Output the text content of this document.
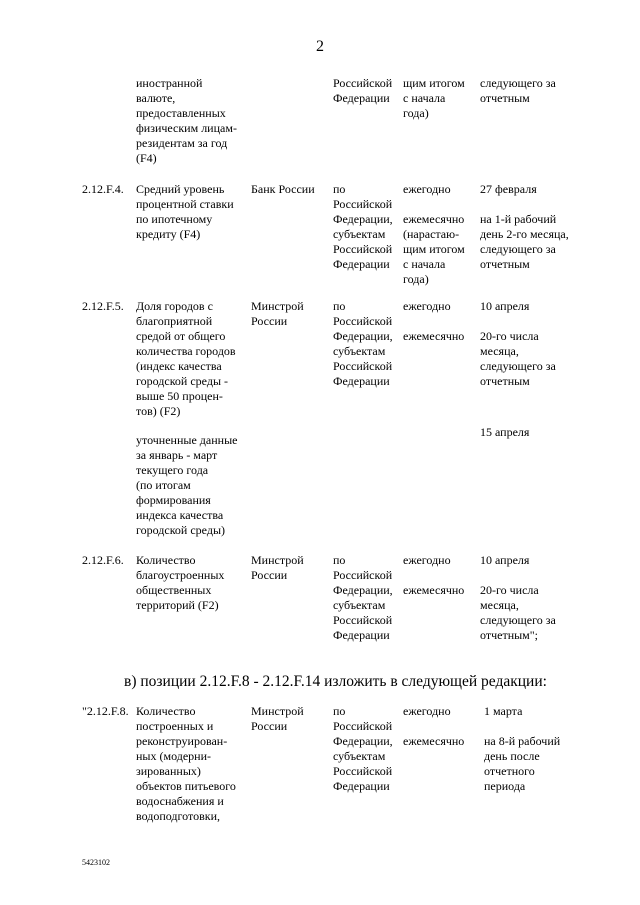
2
иностранной
валюте,
предоставленных
физическим лицам-
резидентам за год
(F4)
Российской
Федерации
щим итогом
с начала
года)
следующего за
отчетным
2.12.F.4. Средний уровень
процентной ставки
по ипотечному
кредиту (F4)
Банк России по
Российской
Федерации,
субъектам
Российской
Федерации
ежегодно

ежемесячно
(нарастаю-
щим итогом
с начала
года)
27 февраля

на 1-й рабочий
день 2-го месяца,
следующего за
отчетным
2.12.F.5. Доля городов с
благоприятной
средой от общего
количества городов
(индекс качества
городской среды -
выше 50 процен-
тов) (F2)
Минстрой
России
по
Российской
Федерации,
субъектам
Российской
Федерации
ежегодно

ежемесячно
10 апреля

20-го числа
месяца,
следующего за
отчетным
уточненные данные
за январь - март
текущего года
(по итогам
формирования
индекса качества
городской среды)
15 апреля
2.12.F.6. Количество
благоустроенных
общественных
территорий (F2)
Минстрой
России
по
Российской
Федерации,
субъектам
Российской
Федерации
ежегодно

ежемесячно
10 апреля

20-го числа
месяца,
следующего за
отчетным";
в) позиции 2.12.F.8 - 2.12.F.14 изложить в следующей редакции:
"2.12.F.8. Количество
построенных и
реконструирован-
ных (модерни-
зированных)
объектов питьевого
водоснабжения и
водоподготовки,
Минстрой
России
по
Российской
Федерации,
субъектам
Российской
Федерации
ежегодно

ежемесячно
1 марта

на 8-й рабочий
день после
отчетного
периода
5423102
